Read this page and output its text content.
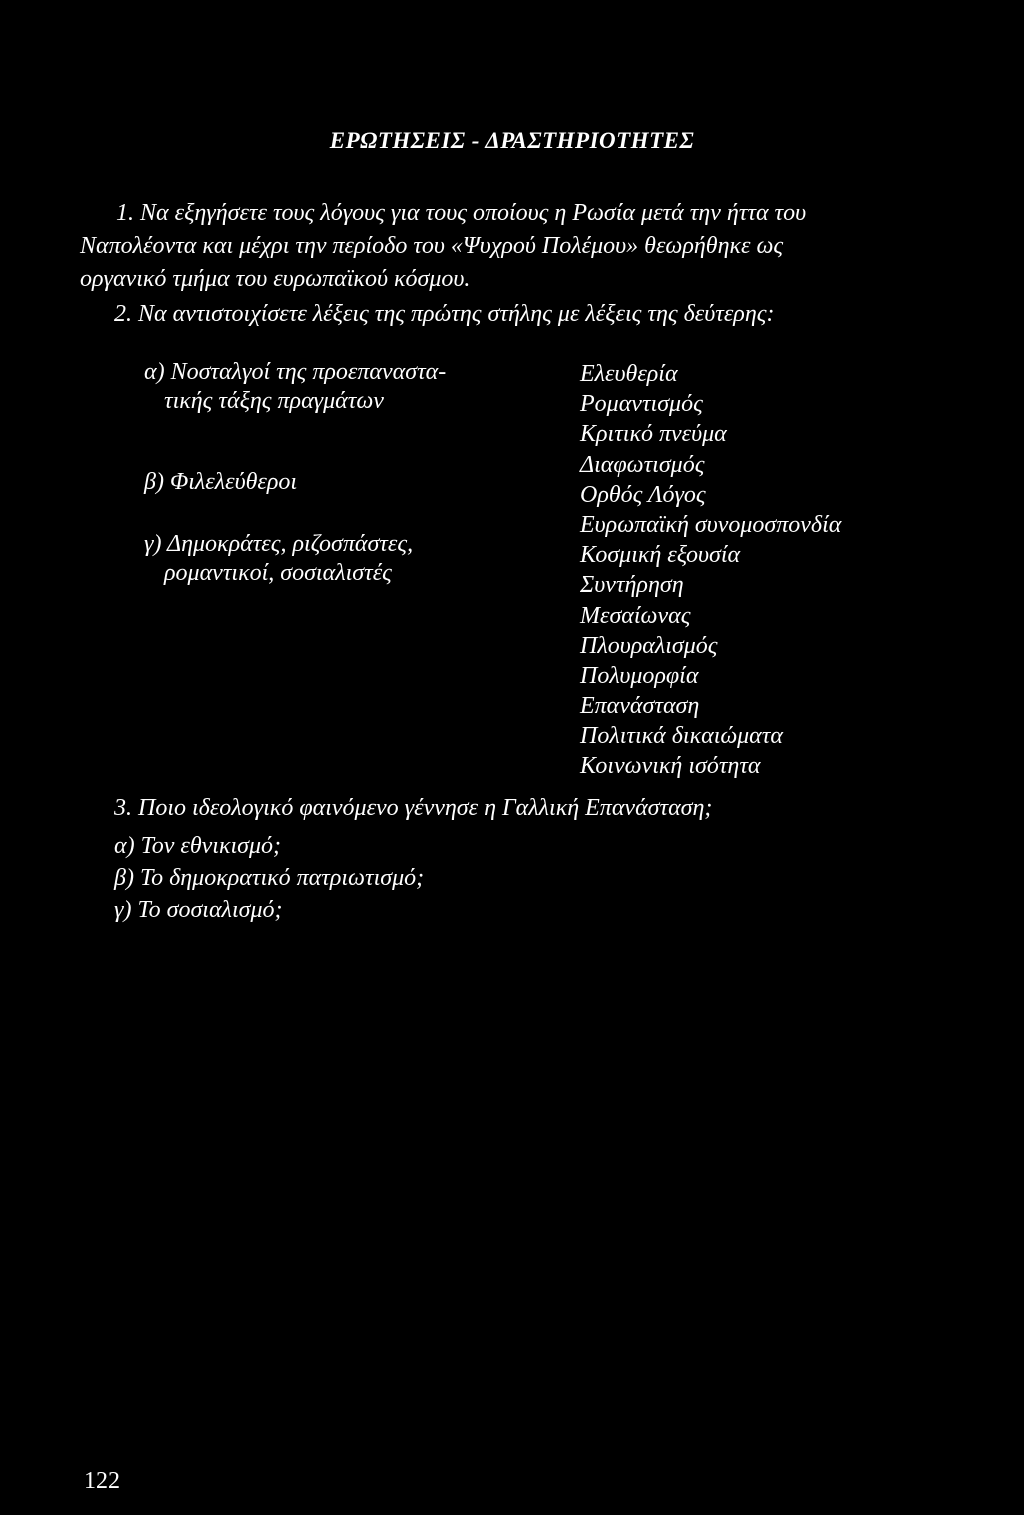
ΕΡΩΤΗΣΕΙΣ - ΔΡΑΣΤΗΡΙΟΤΗΤΕΣ
1. Να εξηγήσετε τους λόγους για τους οποίους η Ρωσία μετά την ήττα του
Ναπολέοντα και μέχρι την περίοδο του «Ψυχρού Πολέμου» θεωρήθηκε ως
οργανικό τμήμα του ευρωπαϊκού κόσμου.
2. Να αντιστοιχίσετε λέξεις της πρώτης στήλης με λέξεις της δεύτερης:
α) Νοσταλγοί της προεπαναστα-
τικής τάξης πραγμάτων
β) Φιλελεύθεροι
γ) Δημοκράτες, ριζοσπάστες,
ρομαντικοί, σοσιαλιστές
Ελευθερία
Ρομαντισμός
Κριτικό πνεύμα
Διαφωτισμός
Ορθός Λόγος
Ευρωπαϊκή συνομοσπονδία
Κοσμική εξουσία
Συντήρηση
Μεσαίωνας
Πλουραλισμός
Πολυμορφία
Επανάσταση
Πολιτικά δικαιώματα
Κοινωνική ισότητα
3. Ποιο ιδεολογικό φαινόμενο γέννησε η Γαλλική Επανάσταση;
α) Τον εθνικισμό;
β) Το δημοκρατικό πατριωτισμό;
γ) Το σοσιαλισμό;
122
